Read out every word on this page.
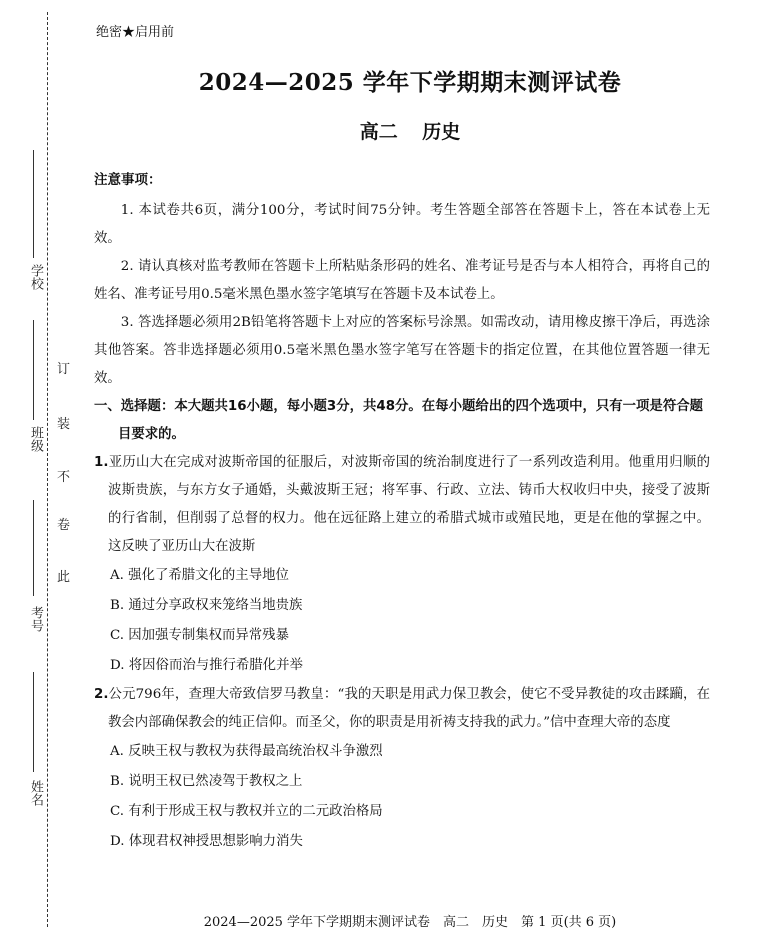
学校
班级
考号
姓名
订
装
不
卷
此
绝密★启用前
2024—2025 学年下学期期末测评试卷
高二 历史

注意事项：

1. 本试卷共6页，满分100分，考试时间75分钟。考生答题全部答在答题卡上，答在本试卷上无效。

2. 请认真核对监考教师在答题卡上所粘贴条形码的姓名、准考证号是否与本人相符合，再将自己的姓名、准考证号用0.5毫米黑色墨水签字笔填写在答题卡及本试卷上。

3. 答选择题必须用2B铅笔将答题卡上对应的答案标号涂黑。如需改动，请用橡皮擦干净后，再选涂其他答案。答非选择题必须用0.5毫米黑色墨水签字笔写在答题卡的指定位置，在其他位置答题一律无效。

一、选择题：本大题共16小题，每小题3分，共48分。在每小题给出的四个选项中，只有一项是符合题目要求的。

1.亚历山大在完成对波斯帝国的征服后，对波斯帝国的统治制度进行了一系列改造利用。他重用归顺的波斯贵族，与东方女子通婚，头戴波斯王冠；将军事、行政、立法、铸币大权收归中央，接受了波斯的行省制，但削弱了总督的权力。他在远征路上建立的希腊式城市或殖民地，更是在他的掌握之中。这反映了亚历山大在波斯

A. 强化了希腊文化的主导地位

B. 通过分享政权来笼络当地贵族

C. 因加强专制集权而异常残暴

D. 将因俗而治与推行希腊化并举

2.公元796年，查理大帝致信罗马教皇：“我的天职是用武力保卫教会，使它不受异教徒的攻击蹂躏，在教会内部确保教会的纯正信仰。而圣父，你的职责是用祈祷支持我的武力。”信中查理大帝的态度

A. 反映王权与教权为获得最高统治权斗争激烈

B. 说明王权已然凌驾于教权之上

C. 有利于形成王权与教权并立的二元政治格局

D. 体现君权神授思想影响力消失

2024—2025 学年下学期期末测评试卷　高二　历史　第 1 页(共 6 页)
